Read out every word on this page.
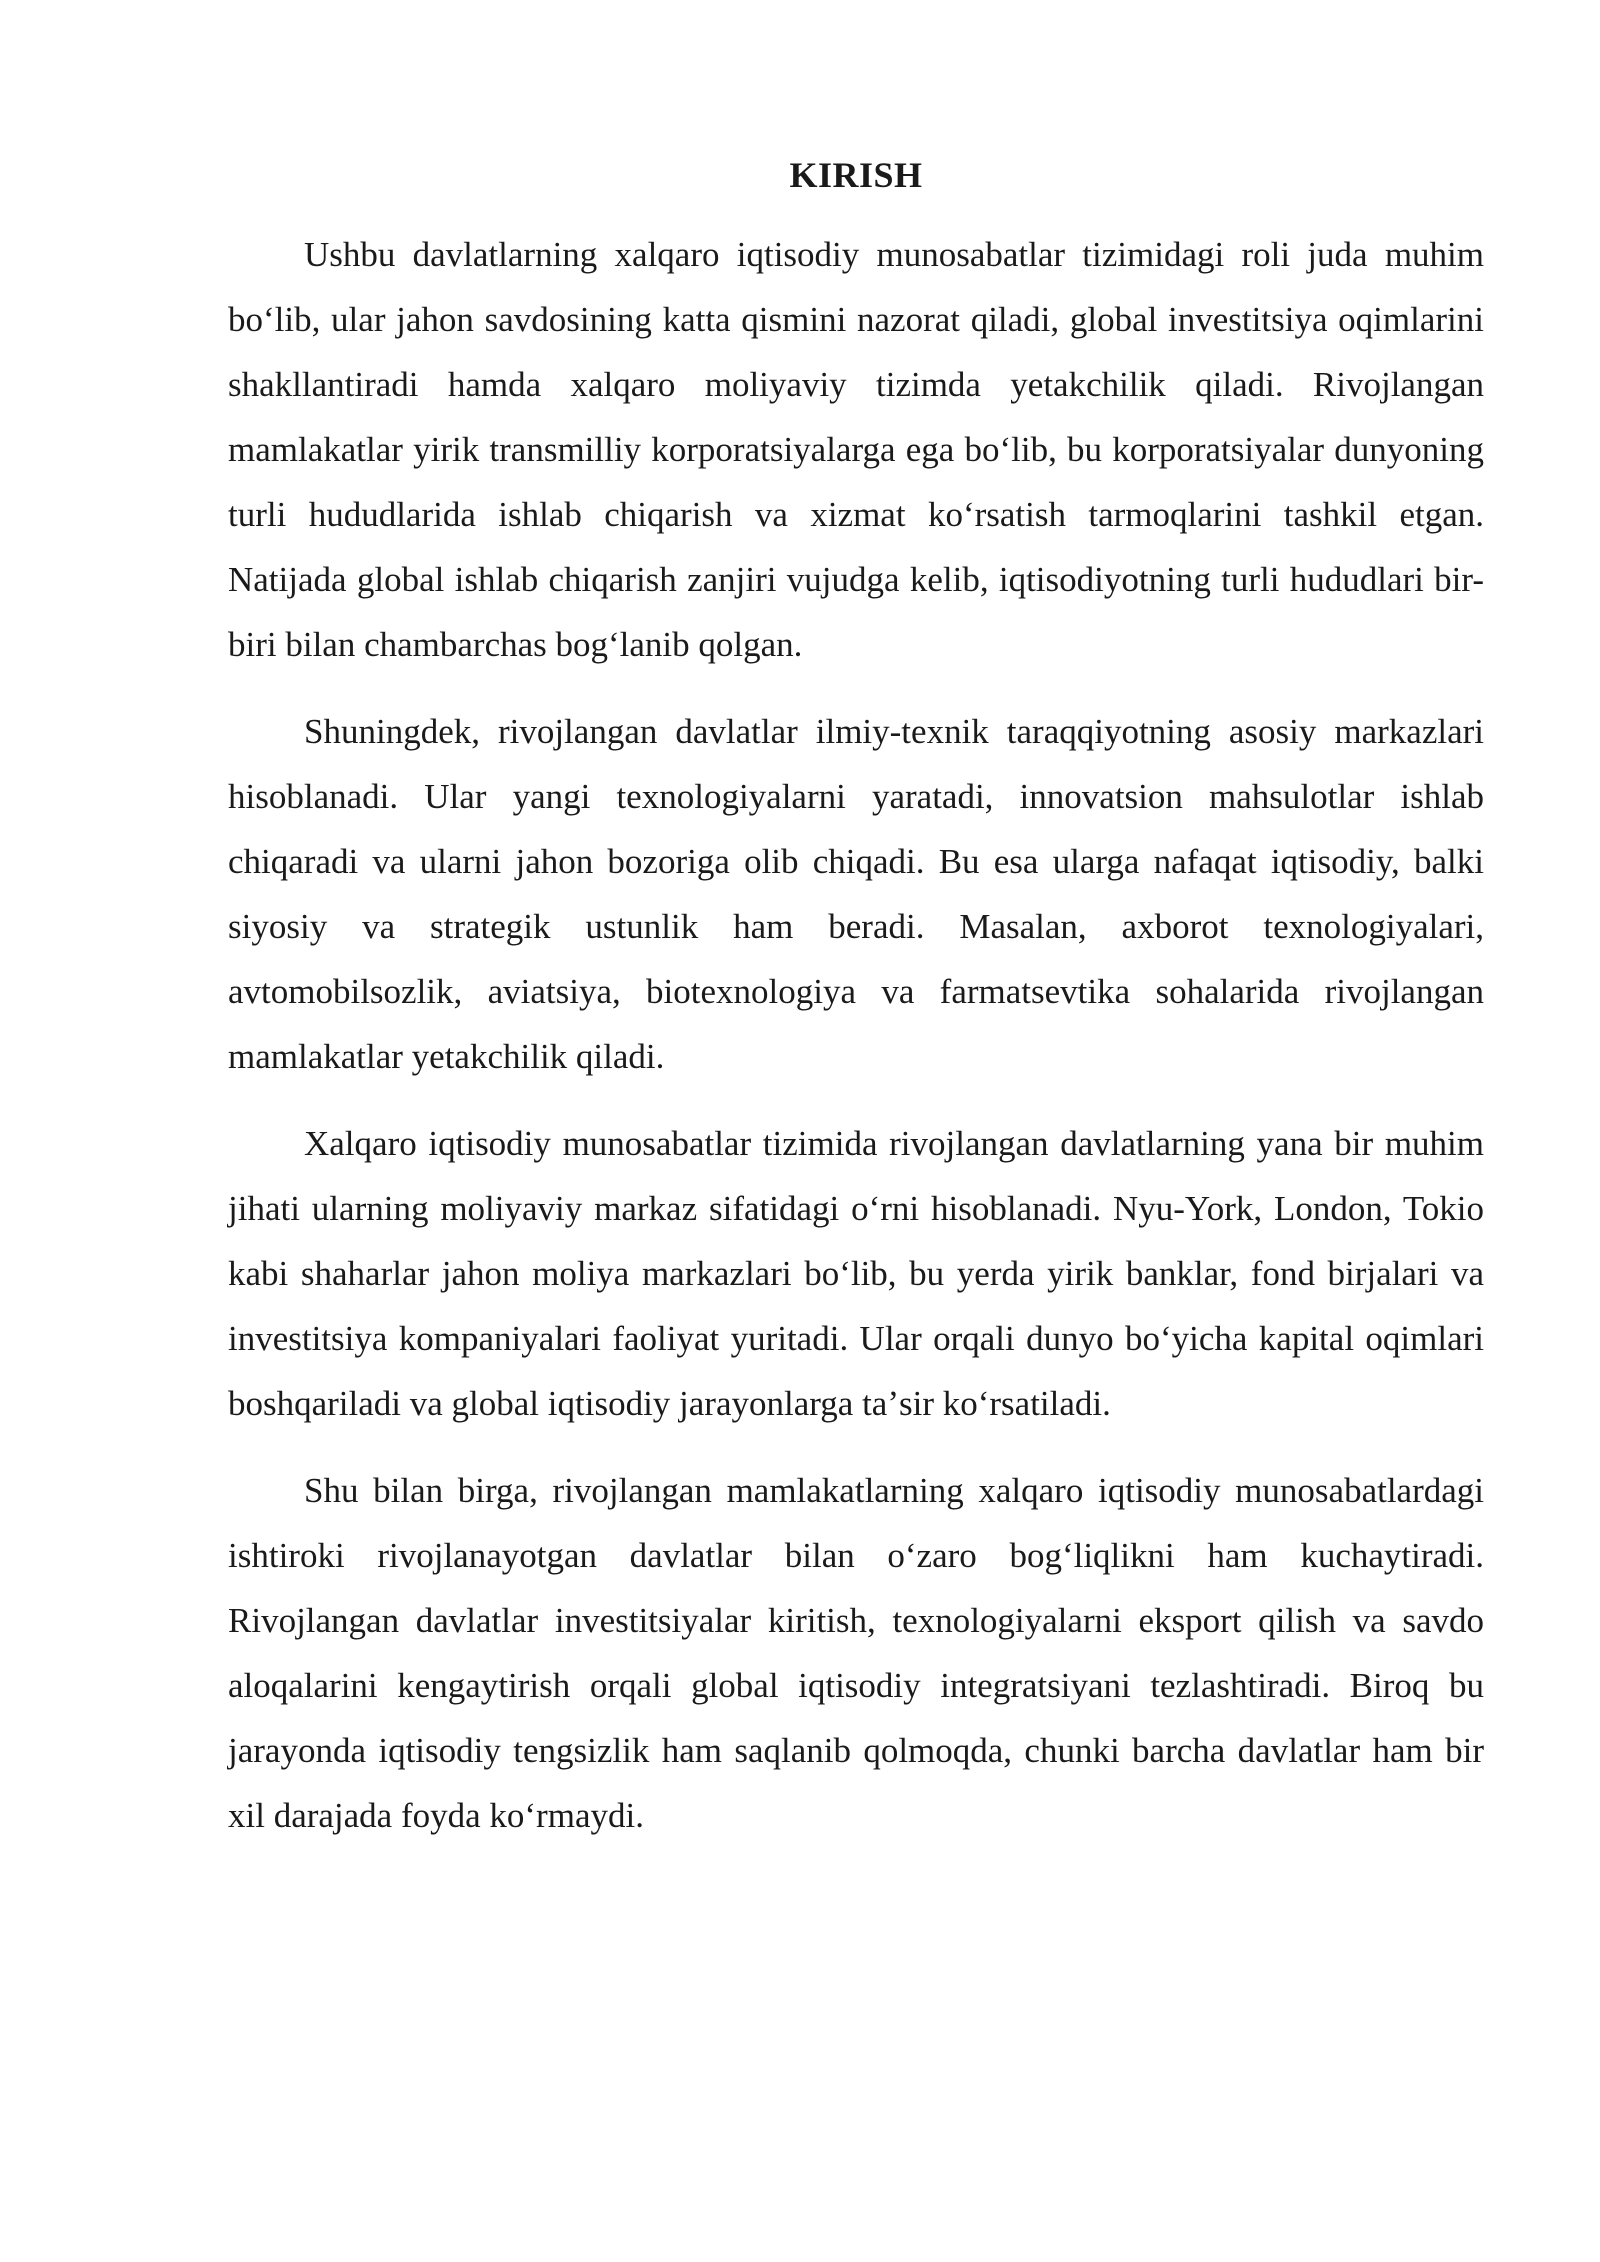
KIRISH

Ushbu davlatlarning xalqaro iqtisodiy munosabatlar tizimidagi roli juda muhim boʻlib, ular jahon savdosining katta qismini nazorat qiladi, global investitsiya oqimlarini shakllantiradi hamda xalqaro moliyaviy tizimda yetakchilik qiladi. Rivojlangan mamlakatlar yirik transmilliy korporatsiyalarga ega boʻlib, bu korporatsiyalar dunyoning turli hududlarida ishlab chiqarish va xizmat koʻrsatish tarmoqlarini tashkil etgan. Natijada global ishlab chiqarish zanjiri vujudga kelib, iqtisodiyotning turli hududlari bir-biri bilan chambarchas bogʻlanib qolgan.

Shuningdek, rivojlangan davlatlar ilmiy-texnik taraqqiyotning asosiy markazlari hisoblanadi. Ular yangi texnologiyalarni yaratadi, innovatsion mahsulotlar ishlab chiqaradi va ularni jahon bozoriga olib chiqadi. Bu esa ularga nafaqat iqtisodiy, balki siyosiy va strategik ustunlik ham beradi. Masalan, axborot texnologiyalari, avtomobilsozlik, aviatsiya, biotexnologiya va farmatsevtika sohalarida rivojlangan mamlakatlar yetakchilik qiladi.

Xalqaro iqtisodiy munosabatlar tizimida rivojlangan davlatlarning yana bir muhim jihati ularning moliyaviy markaz sifatidagi oʻrni hisoblanadi. Nyu-York, London, Tokio kabi shaharlar jahon moliya markazlari boʻlib, bu yerda yirik banklar, fond birjalari va investitsiya kompaniyalari faoliyat yuritadi. Ular orqali dunyo boʻyicha kapital oqimlari boshqariladi va global iqtisodiy jarayonlarga taʼsir koʻrsatiladi.

Shu bilan birga, rivojlangan mamlakatlarning xalqaro iqtisodiy munosabatlardagi ishtiroki rivojlanayotgan davlatlar bilan oʻzaro bogʻliqlikni ham kuchaytiradi. Rivojlangan davlatlar investitsiyalar kiritish, texnologiyalarni eksport qilish va savdo aloqalarini kengaytirish orqali global iqtisodiy integratsiyani tezlashtiradi. Biroq bu jarayonda iqtisodiy tengsizlik ham saqlanib qolmoqda, chunki barcha davlatlar ham bir xil darajada foyda koʻrmaydi.
